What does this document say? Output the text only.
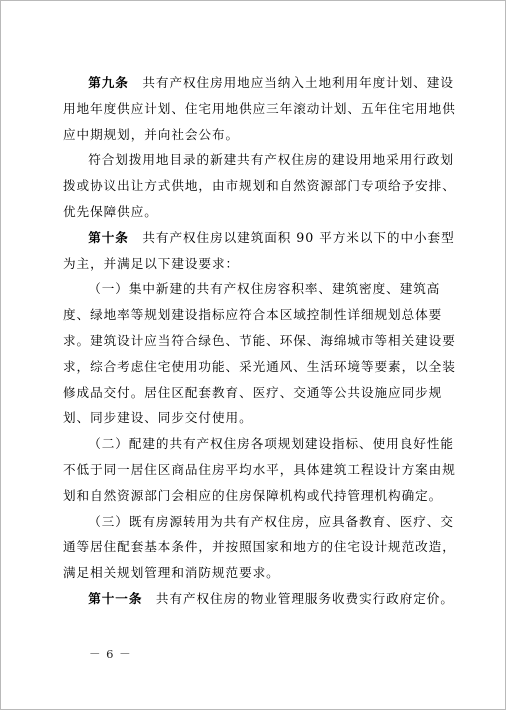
第九条  共有产权住房用地应当纳入土地利用年度计划、建设用地年度供应计划、住宅用地供应三年滚动计划、五年住宅用地供应中期规划，并向社会公布。

符合划拨用地目录的新建共有产权住房的建设用地采用行政划拨或协议出让方式供地，由市规划和自然资源部门专项给予安排、优先保障供应。

第十条  共有产权住房以建筑面积 90 平方米以下的中小套型为主，并满足以下建设要求：

（一）集中新建的共有产权住房容积率、建筑密度、建筑高度、绿地率等规划建设指标应符合本区域控制性详细规划总体要求。建筑设计应当符合绿色、节能、环保、海绵城市等相关建设要求，综合考虑住宅使用功能、采光通风、生活环境等要素，以全装修成品交付。居住区配套教育、医疗、交通等公共设施应同步规划、同步建设、同步交付使用。

（二）配建的共有产权住房各项规划建设指标、使用良好性能不低于同一居住区商品住房平均水平，具体建筑工程设计方案由规划和自然资源部门会相应的住房保障机构或代持管理机构确定。

（三）既有房源转用为共有产权住房，应具备教育、医疗、交通等居住配套基本条件，并按照国家和地方的住宅设计规范改造，满足相关规划管理和消防规范要求。

第十一条  共有产权住房的物业管理服务收费实行政府定价。

－ 6 －
